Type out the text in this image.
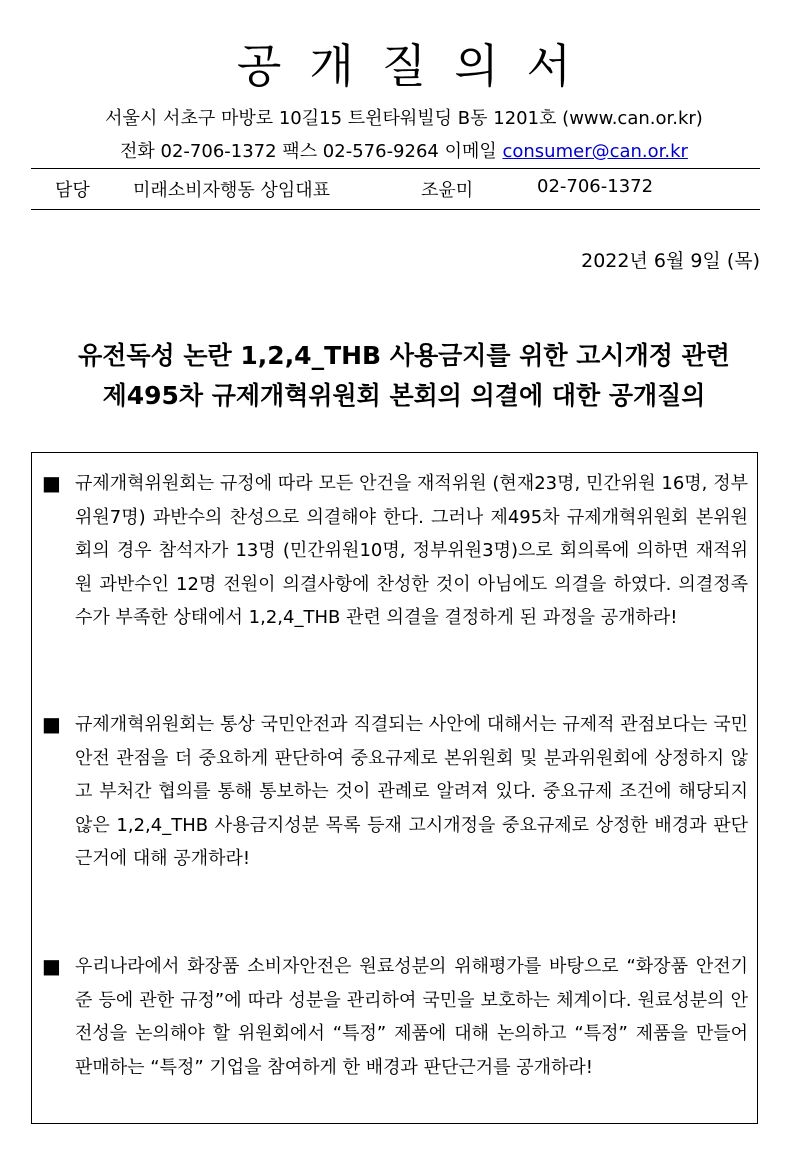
공개질의서
서울시 서초구 마방로 10길15 트윈타워빌딩 B동 1201호 (www.can.or.kr)
전화 02-706-1372 팩스 02-576-9264 이메일 consumer@can.or.kr

담당

미래소비자행동 상임대표

	조윤미

	02-706-1372

2022년 6월 9일 (목)
유전독성 논란 1,2,4_THB 사용금지를 위한 고시개정 관련
제495차 규제개혁위원회 본회의 의결에 대한 공개질의
■ 규제개혁위원회는 규정에 따라 모든 안건을 재적위원 (현재23명, 민간위원 16명, 정부위원7명) 과반수의 찬성으로 의결해야 한다. 그러나 제495차 규제개혁위원회 본위원회의 경우 참석자가 13명 (민간위원10명, 정부위원3명)으로 회의록에 의하면 재적위원 과반수인 12명 전원이 의결사항에 찬성한 것이 아님에도 의결을 하였다. 의결정족수가 부족한 상태에서 1,2,4_THB 관련 의결을 결정하게 된 과정을 공개하라!
■ 규제개혁위원회는 통상 국민안전과 직결되는 사안에 대해서는 규제적 관점보다는 국민안전 관점을 더 중요하게 판단하여 중요규제로 본위원회 및 분과위원회에 상정하지 않고 부처간 협의를 통해 통보하는 것이 관례로 알려져 있다. 중요규제 조건에 해당되지 않은 1,2,4_THB 사용금지성분 목록 등재 고시개정을 중요규제로 상정한 배경과 판단근거에 대해 공개하라!
■ 우리나라에서 화장품 소비자안전은 원료성분의 위해평가를 바탕으로 “화장품 안전기준 등에 관한 규정”에 따라 성분을 관리하여 국민을 보호하는 체계이다. 원료성분의 안전성을 논의해야 할 위원회에서 “특정” 제품에 대해 논의하고 “특정” 제품을 만들어 판매하는 “특정” 기업을 참여하게 한 배경과 판단근거를 공개하라!
